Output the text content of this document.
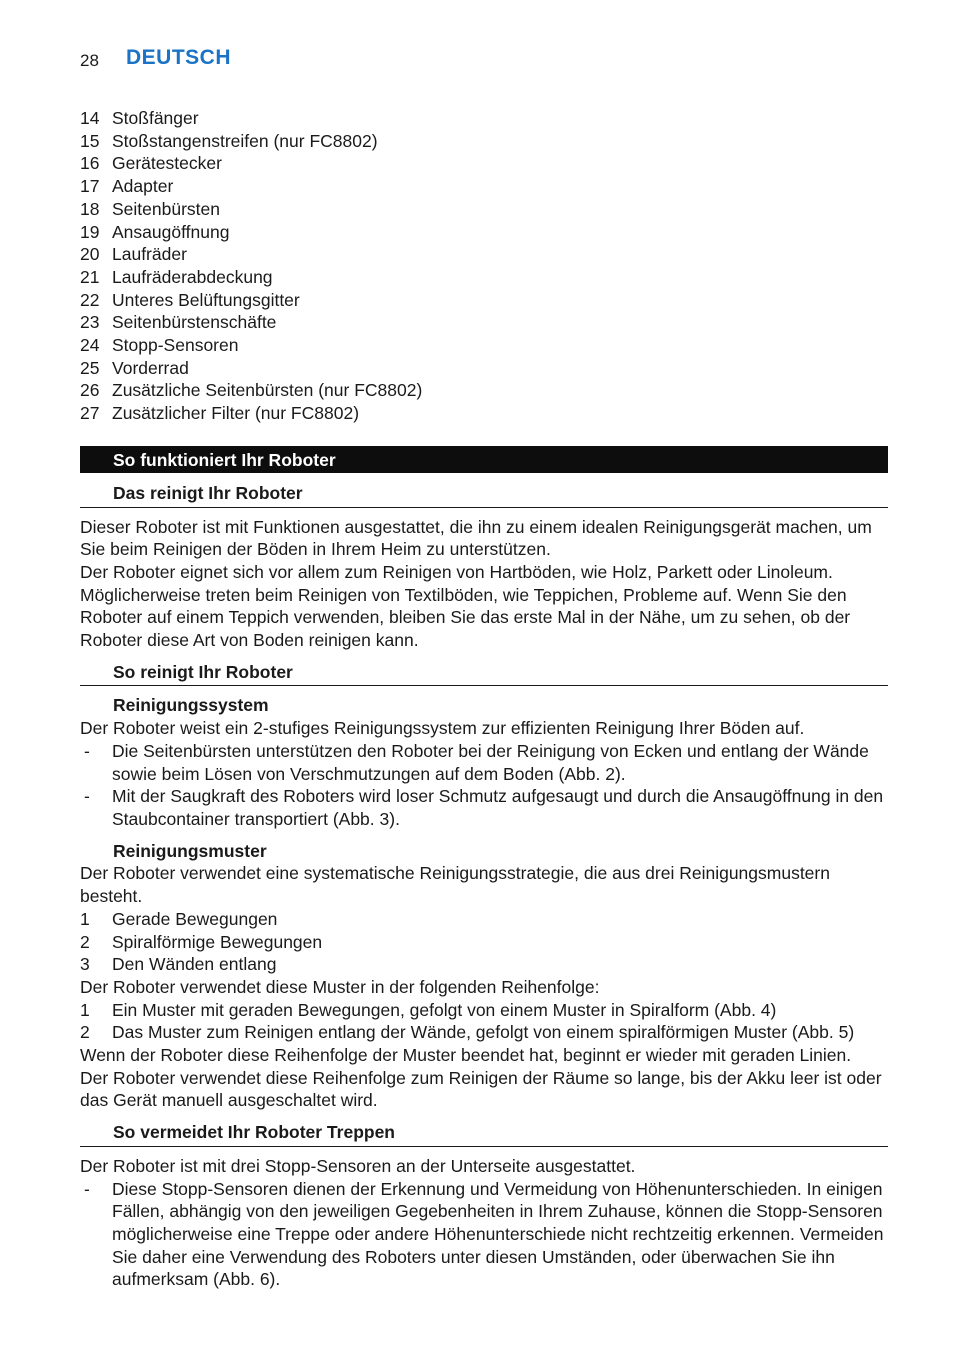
28 DEUTSCH
14 Stoßfänger
15 Stoßstangenstreifen (nur FC8802)
16 Gerätestecker
17 Adapter
18 Seitenbürsten
19 Ansaugöffnung
20 Laufräder
21 Laufräderabdeckung
22 Unteres Belüftungsgitter
23 Seitenbürstenschäfte
24 Stopp-Sensoren
25 Vorderrad
26 Zusätzliche Seitenbürsten (nur FC8802)
27 Zusätzlicher Filter (nur FC8802)
So funktioniert Ihr Roboter
Das reinigt Ihr Roboter

Dieser Roboter ist mit Funktionen ausgestattet, die ihn zu einem idealen Reinigungsgerät machen, um Sie beim Reinigen der Böden in Ihrem Heim zu unterstützen.

Der Roboter eignet sich vor allem zum Reinigen von Hartböden, wie Holz, Parkett oder Linoleum. Möglicherweise treten beim Reinigen von Textilböden, wie Teppichen, Probleme auf. Wenn Sie den Roboter auf einem Teppich verwenden, bleiben Sie das erste Mal in der Nähe, um zu sehen, ob der Roboter diese Art von Boden reinigen kann.

So reinigt Ihr Roboter
Reinigungssystem

Der Roboter weist ein 2-stufiges Reinigungssystem zur effizienten Reinigung Ihrer Böden auf.

-	Die Seitenbürsten unterstützen den Roboter bei der Reinigung von Ecken und entlang der Wände sowie beim Lösen von Verschmutzungen auf dem Boden (Abb. 2).
-	Mit der Saugkraft des Roboters wird loser Schmutz aufgesaugt und durch die Ansaugöffnung in den Staubcontainer transportiert (Abb. 3).
Reinigungsmuster

Der Roboter verwendet eine systematische Reinigungsstrategie, die aus drei Reinigungsmustern besteht.

1	Gerade Bewegungen
2	Spiralförmige Bewegungen
3	Den Wänden entlang

Der Roboter verwendet diese Muster in der folgenden Reihenfolge:

1	Ein Muster mit geraden Bewegungen, gefolgt von einem Muster in Spiralform (Abb. 4)
2	Das Muster zum Reinigen entlang der Wände, gefolgt von einem spiralförmigen Muster (Abb. 5)

Wenn der Roboter diese Reihenfolge der Muster beendet hat, beginnt er wieder mit geraden Linien.

Der Roboter verwendet diese Reihenfolge zum Reinigen der Räume so lange, bis der Akku leer ist oder das Gerät manuell ausgeschaltet wird.

So vermeidet Ihr Roboter Treppen

Der Roboter ist mit drei Stopp-Sensoren an der Unterseite ausgestattet.

-	Diese Stopp-Sensoren dienen der Erkennung und Vermeidung von Höhenunterschieden. In einigen Fällen, abhängig von den jeweiligen Gegebenheiten in Ihrem Zuhause, können die Stopp-Sensoren möglicherweise eine Treppe oder andere Höhenunterschiede nicht rechtzeitig erkennen. Vermeiden Sie daher eine Verwendung des Roboters unter diesen Umständen, oder überwachen Sie ihn aufmerksam (Abb. 6).
